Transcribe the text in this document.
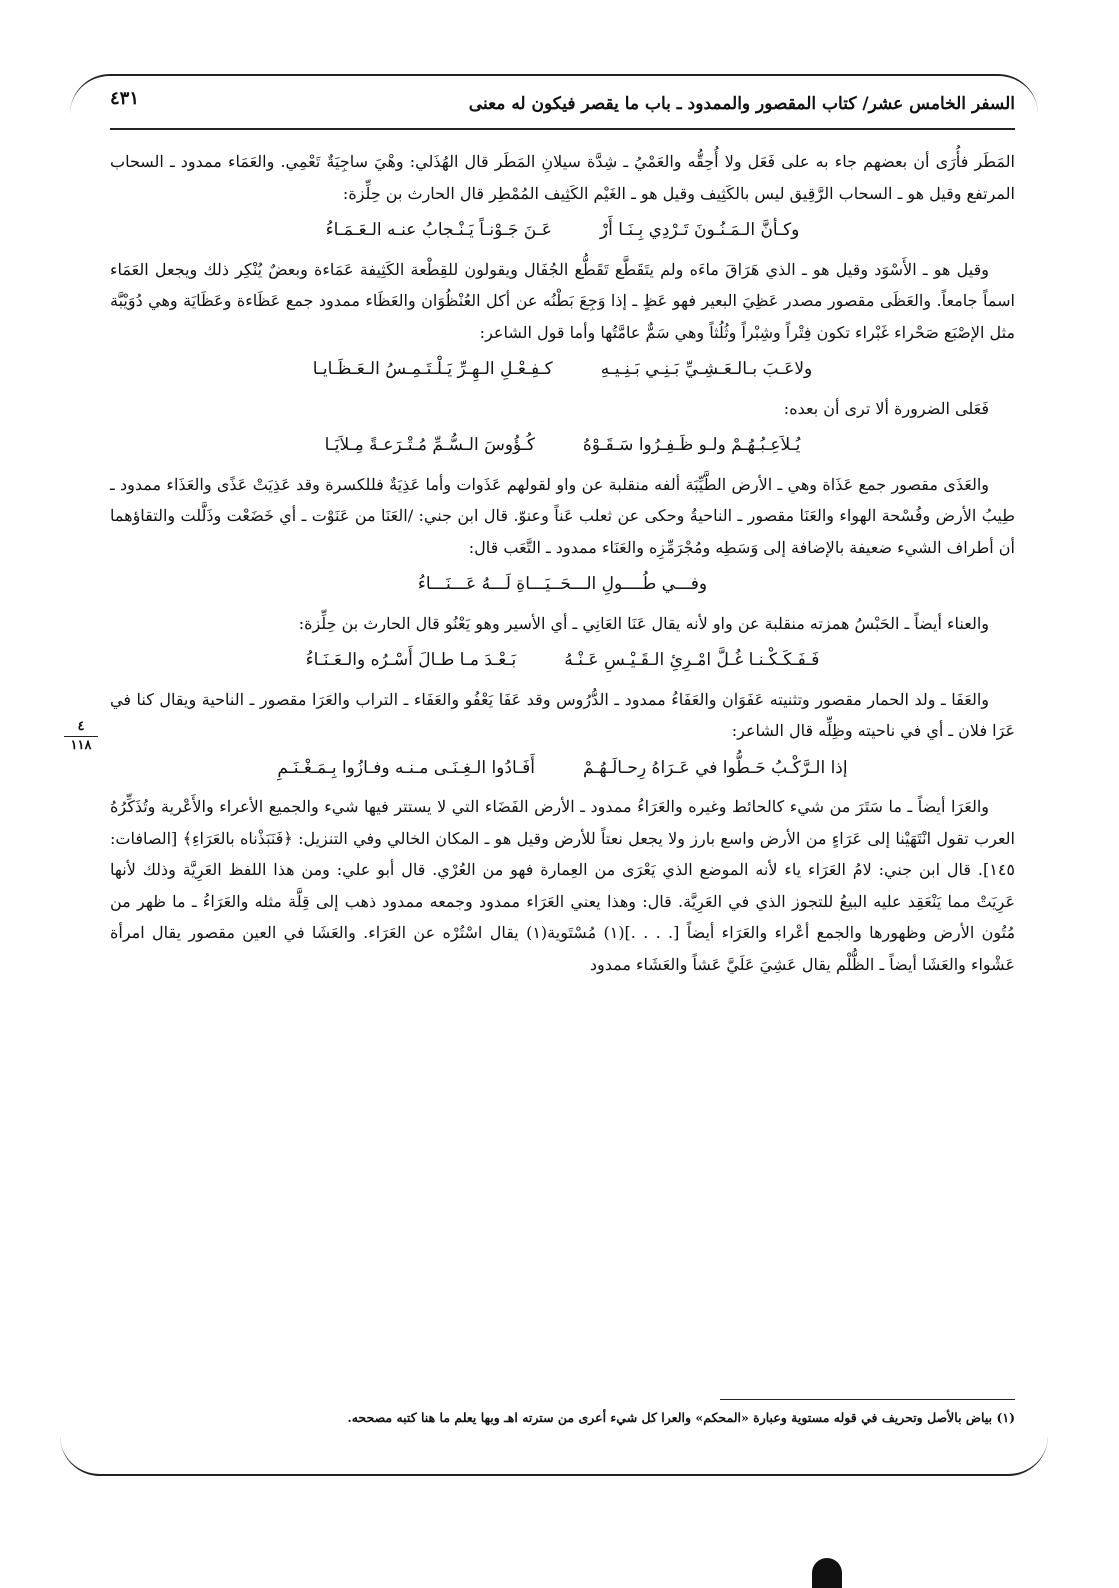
السفر الخامس عشر/ كتاب المقصور والممدود ـ باب ما يقصر فيكون له معنى
٤٣١
٤
١١٨

المَطَر فأُرَى أن بعضهم جاء به على فَعَل ولا أُحِقُّه والعَمْيُ ـ شِدَّة سيلانِ المَطَر قال الهُذَلي: وهْيَ ساجِيَةٌ تَعْمِي. والعَمَاء ممدود ـ السحاب المرتفع وقيل هو ـ السحاب الرَّقِيق ليس بالكَثِيف وقيل هو ـ الغَيْم الكَثِيف المُمْطِر قال الحارث بن حِلِّزة:

وكـأنَّ الـمَـنُـونَ تَـرْدِي بِـنَـا أَرْ
عَـنَ جَـوْنـاً يَـنْـجابُ عنـه الـعَـمَـاءُ

وقيل هو ـ الأَسْوَد وقيل هو ـ الذي هَرَاقَ ماءَه ولم يتَقَطَّع تَقَطُّع الجُفَال ويقولون للقِطْعة الكَثِيفة عَمَاءة وبعضٌ يُنْكِر ذلك ويجعل العَمَاء اسماً جامعاً. والعَظَى مقصور مصدر عَظِيَ البعير فهو عَظٍ ـ إذا وَجِعَ بَطْنُه عن أكل العُنْظُوَان والعَظَاء ممدود جمع عَظَاءة وعَظَايَة وهي دُوَيْبَّة مثل الإصْبَع صَحْراء غَبْراء تكون فِتْراً وشِبْراً وثُلُثاً وهي سَمٌّ عامَّتُها وأما قول الشاعر:

ولاعَـبَ بـالـعَـشِـيِّ بَـنِـي بَـنِـيـهِ
كـفِـعْـلِ الـهِـرِّ يَـلْـتَـمِـسُ الـعَـظَـايـا

فَعَلى الضرورة ألا ترى أن بعده:

يُـلاَعِـبُـهُـمْ ولـو ظَـفِـرُوا سَـقَـوْهُ
كُـؤُوسَ الـسُّـمِّ مُـتْـرَعـةً مِـلاَيَـا

والعَذَى مقصور جمع عَذَاة وهي ـ الأرض الطَّيِّبَة ألفه منقلبة عن واو لقولهم عَذَوات وأما عَذِيَةٌ فللكسرة وقد عَذِيَتْ عَذًى والعَذَاء ممدود ـ طِيبُ الأرض وفُسْحة الهواء والعَنَا مقصور ـ الناحيةُ وحكى عن ثعلب عَناً وعنوّ. قال ابن جني: /العَنَا من عَنَوْت ـ أي خَضَعْت وذَلَّلت والتقاؤهما أن أطراف الشيء ضعيفة بالإضافة إلى وَسَطِه ومُجْرَمِّزِه والعَنَاء ممدود ـ التَّعَب قال:

وفـــي طُــــولِ الـــحَــيَـــاةِ لَـــهُ عَـــنَـــاءُ

والعناء أيضاً ـ الحَبْسُ همزته منقلبة عن واو لأنه يقال عَنَا العَانِي ـ أي الأسير وهو يَعْنُو قال الحارث بن حِلِّزة:

فَـفَـكَـكْـنـا غُـلَّ امْـرِئِ الـقَـيْـسِ عَـنْـهُ
بَـعْـدَ مـا طـالَ أَسْـرُه والـعَـنَـاءُ

والعَفَا ـ ولد الحمار مقصور وتثنيته عَفَوَان والعَفَاءُ ممدود ـ الدُّرُوس وقد عَفَا يَعْفُو والعَفَاء ـ التراب والعَرَا مقصور ـ الناحية ويقال كنا في عَرَا فلان ـ أي في ناحيته وظِلِّه قال الشاعر:

إذا الـرَّكْـبُ حَـطُّوا في عَـرَاهُ رِحـالَـهُـمْ
أَفَـادُوا الـغِـنَـى مـنـه وفـازُوا بِـمَـغْـنَـمِ

والعَرَا أيضاً ـ ما سَتَرَ من شيء كالحائط وغيره والعَرَاءُ ممدود ـ الأرض الفَضَاء التي لا يستتر فيها شيء والجميع الأعراء والأَعْرية وتُذَكِّرُهُ العرب تقول انْتَهَيْنا إلى عَرَاءٍ من الأرض واسع بارز ولا يجعل نعتاً للأرض وقيل هو ـ المكان الخالي وفي التنزيل: ﴿فَنَبَذْناه بالعَرَاءِ﴾ [الصافات: ١٤٥]. قال ابن جني: لامُ العَرَاء ياء لأنه الموضع الذي يَعْرَى من العِمارة فهو من العُرْي. قال أبو علي: ومن هذا اللفظ العَرِيَّة وذلك لأنها عَرِيَتْ مما يَنْعَقِد عليه البيعُ للتجوز الذي في العَرِيَّة. قال: وهذا يعني العَرَاء ممدود وجمعه ممدود ذهب إلى قِلَّة مثله والعَرَاءُ ـ ما ظهر من مُتُون الأرض وظهورها والجمع أعْراء والعَرَاء أيضاً [. . . .](١) مُسْتَوية(١) يقال اسْتُرْه عن العَرَاء. والعَشَا في العين مقصور يقال امرأة عَشْواء والعَشَا أيضاً ـ الظُّلْم يقال عَشِيَ عَلَيَّ عَشاً والعَشَاء ممدود

(١) بياض بالأصل وتحريف في قوله مستوية وعبارة «المحكم» والعرا كل شيء أعرى من سترته اهـ وبها يعلم ما هنا كتبه مصححه.
